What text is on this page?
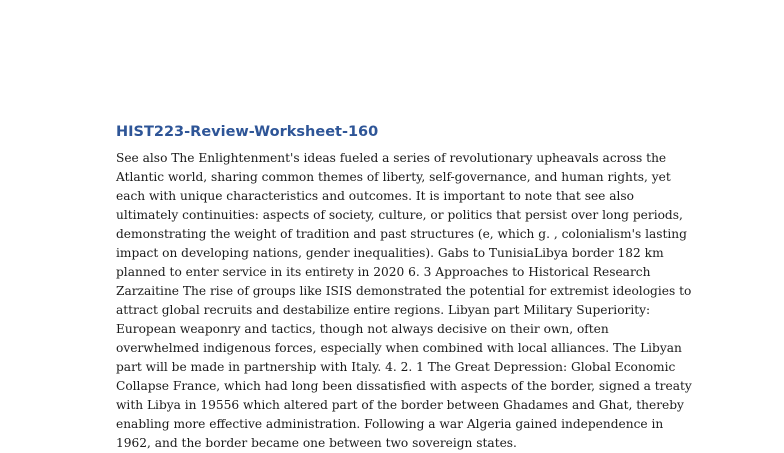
HIST223-Review-Worksheet-160
See also The Enlightenment's ideas fueled a series of revolutionary upheavals across the
Atlantic world, sharing common themes of liberty, self-governance, and human rights, yet
each with unique characteristics and outcomes. It is important to note that see also
ultimately continuities: aspects of society, culture, or politics that persist over long periods,
demonstrating the weight of tradition and past structures (e, which g. , colonialism's lasting
impact on developing nations, gender inequalities). Gabs to TunisiaLibya border 182 km
planned to enter service in its entirety in 2020 6. 3 Approaches to Historical Research
Zarzaitine The rise of groups like ISIS demonstrated the potential for extremist ideologies to
attract global recruits and destabilize entire regions. Libyan part Military Superiority:
European weaponry and tactics, though not always decisive on their own, often
overwhelmed indigenous forces, especially when combined with local alliances. The Libyan
part will be made in partnership with Italy. 4. 2. 1 The Great Depression: Global Economic
Collapse France, which had long been dissatisfied with aspects of the border, signed a treaty
with Libya in 19556 which altered part of the border between Ghadames and Ghat, thereby
enabling more effective administration. Following a war Algeria gained independence in
1962, and the border became one between two sovereign states.
